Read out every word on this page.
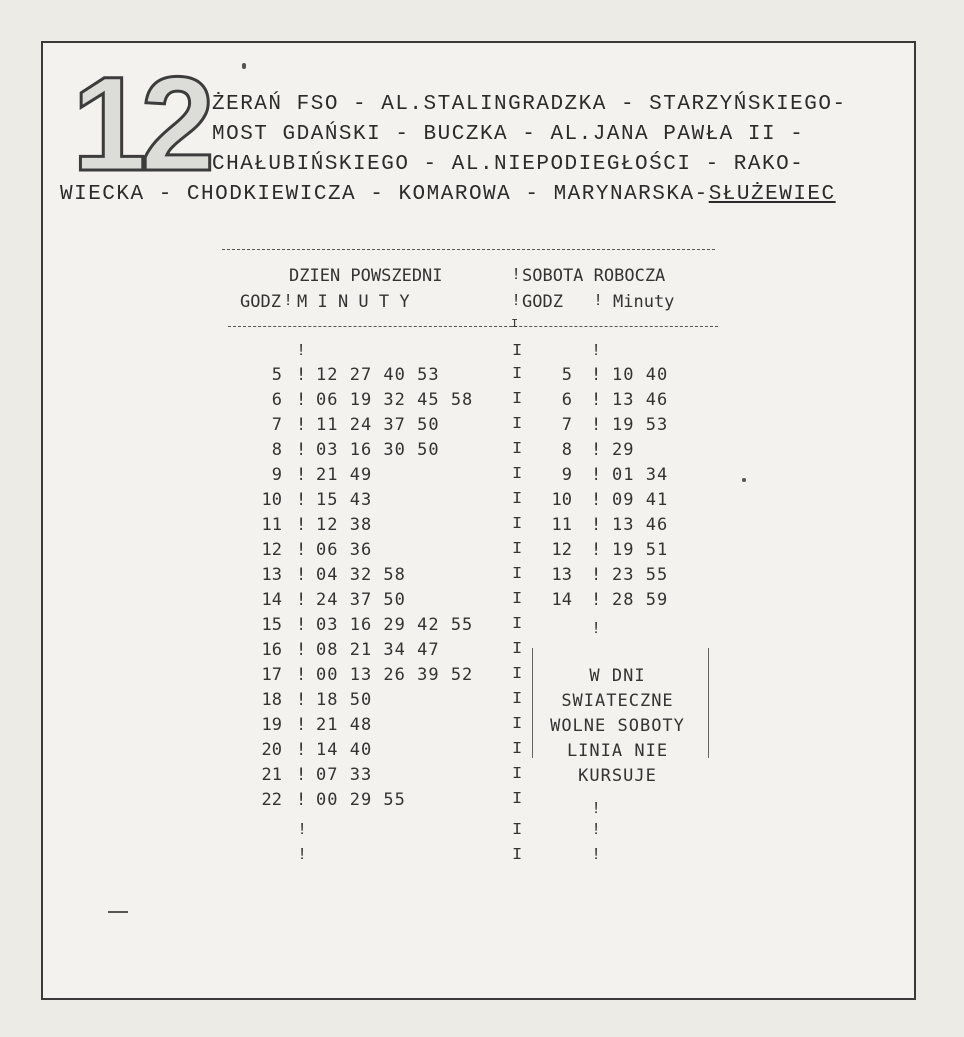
12 ŻERAŃ FSO - AL.STALINGRADZKA - STARZYŃSKIEGO-
MOST GDAŃSKI - BUCZKA - AL.JANA PAWŁA II -
CHAŁUBIŃSKIEGO - AL.NIEPODIEGŁOŚCI - RAKO-
WIECKA - CHODKIEWICZA - KOMAROWA - MARYNARSKA-SŁUŻEWIEC
DZIEN POWSZEDNI
GODZ ! M I N U T Y
! SOBOTA ROBOCZA
! GODZ ! Minuty
I
!	I	!
5 ! 12 27 40 53
6 ! 06 19 32 45 58
7 ! 11 24 37 50
8 ! 03 16 30 50
9 ! 21 49
10 ! 15 43
11 ! 12 38
12 ! 06 36
13 ! 04 32 58
14 ! 24 37 50
15 ! 03 16 29 42 55
16 ! 08 21 34 47
17 ! 00 13 26 39 52
18 ! 18 50
19 ! 21 48
20 ! 14 40
21 ! 07 33
22 ! 00 29 55
5 ! 10 40
6 ! 13 46
7 ! 19 53
8 ! 29
9 ! 01 34
10 ! 09 41
11 ! 13 46
12 ! 19 51
13 ! 23 55
14 ! 28 59
I
I
I
I
I
I
I
I
I
I
I
I
I
I
I
I
I
I
W DNI
SWIATECZNE
WOLNE SOBOTY
LINIA NIE
KURSUJE
!
!
!
!
!
!
I
I
